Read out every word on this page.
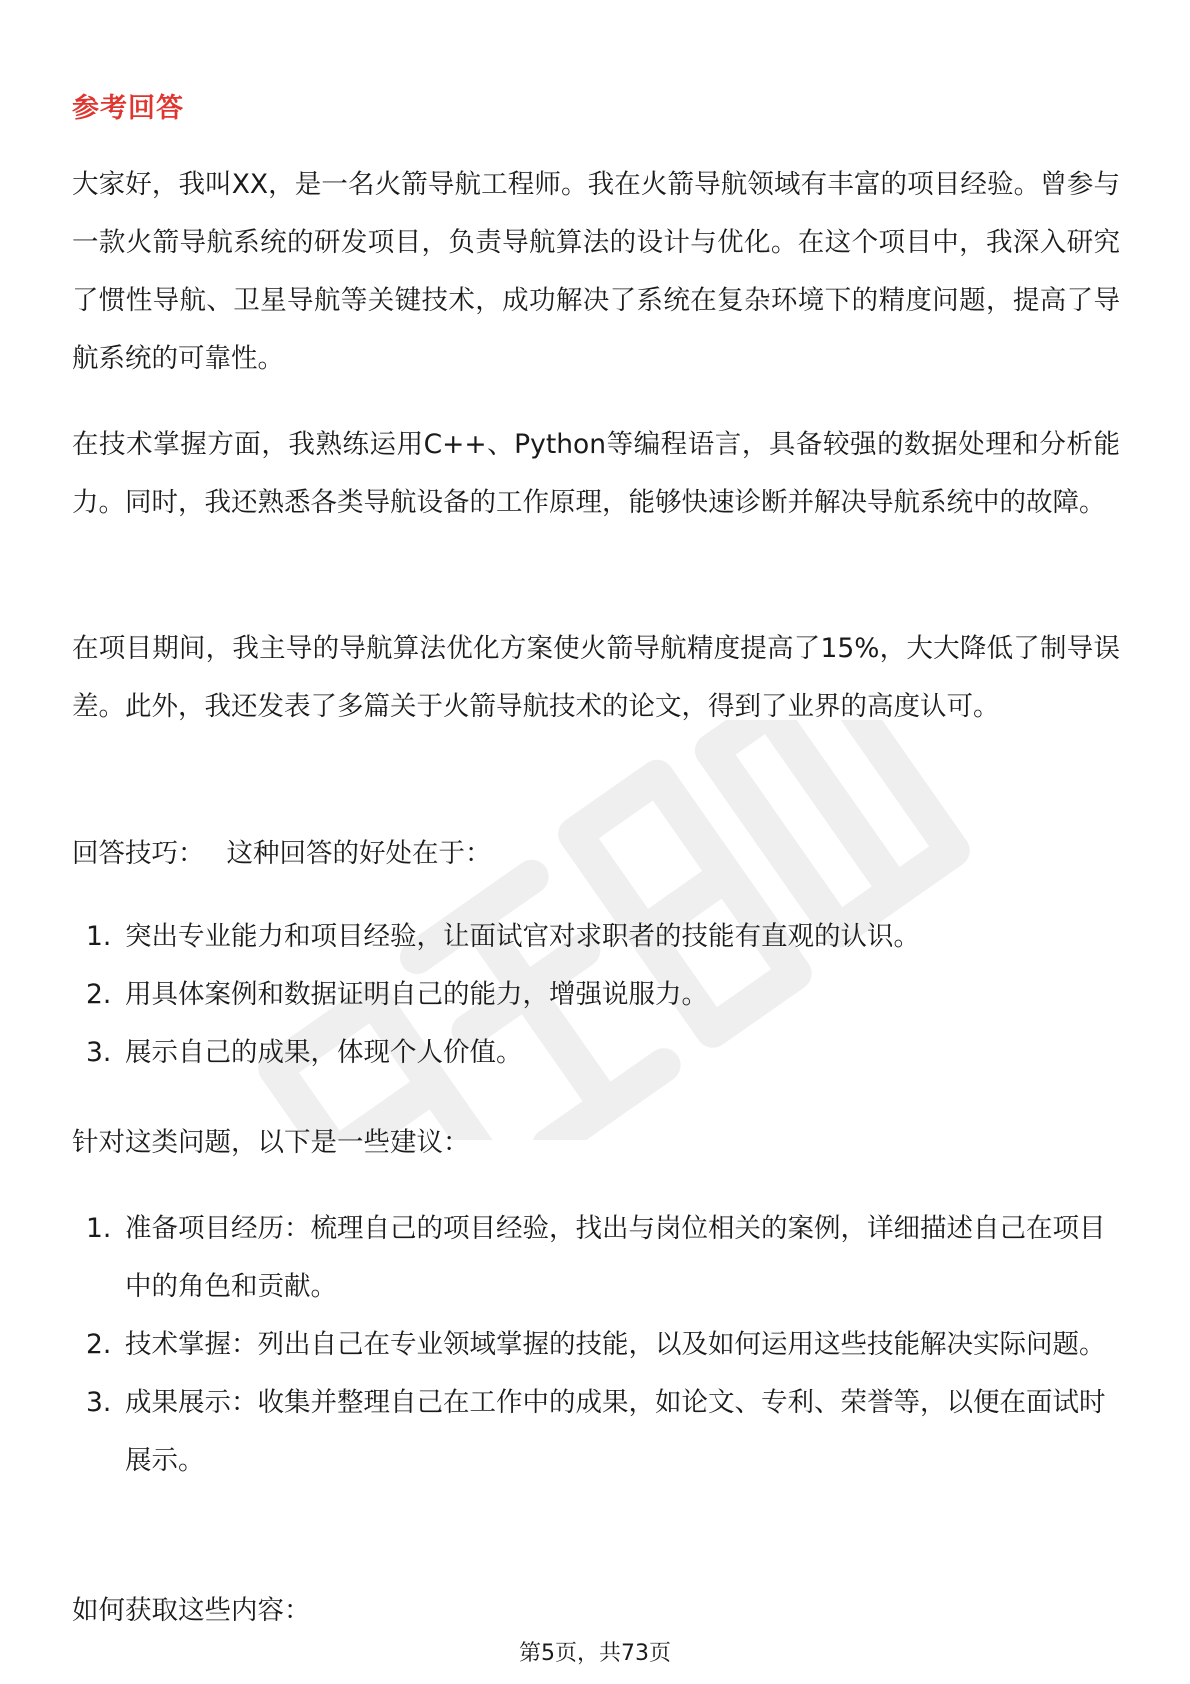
参考回答

大家好，我叫XX，是一名火箭导航工程师。我在火箭导航领域有丰富的项目经验。曾参与一款火箭导航系统的研发项目，负责导航算法的设计与优化。在这个项目中，我深入研究了惯性导航、卫星导航等关键技术，成功解决了系统在复杂环境下的精度问题，提高了导航系统的可靠性。

在技术掌握方面，我熟练运用C++、Python等编程语言，具备较强的数据处理和分析能力。同时，我还熟悉各类导航设备的工作原理，能够快速诊断并解决导航系统中的故障。

在项目期间，我主导的导航算法优化方案使火箭导航精度提高了15%，大大降低了制导误差。此外，我还发表了多篇关于火箭导航技术的论文，得到了业界的高度认可。

回答技巧： 这种回答的好处在于：
1. 突出专业能力和项目经验，让面试官对求职者的技能有直观的认识。
2. 用具体案例和数据证明自己的能力，增强说服力。
3. 展示自己的成果，体现个人价值。
针对这类问题，以下是一些建议：
1. 准备项目经历：梳理自己的项目经验，找出与岗位相关的案例，详细描述自己在项目中的角色和贡献。
2. 技术掌握：列出自己在专业领域掌握的技能，以及如何运用这些技能解决实际问题。
3. 成果展示：收集并整理自己在工作中的成果，如论文、专利、荣誉等，以便在面试时展示。
如何获取这些内容：
第5页，共73页
